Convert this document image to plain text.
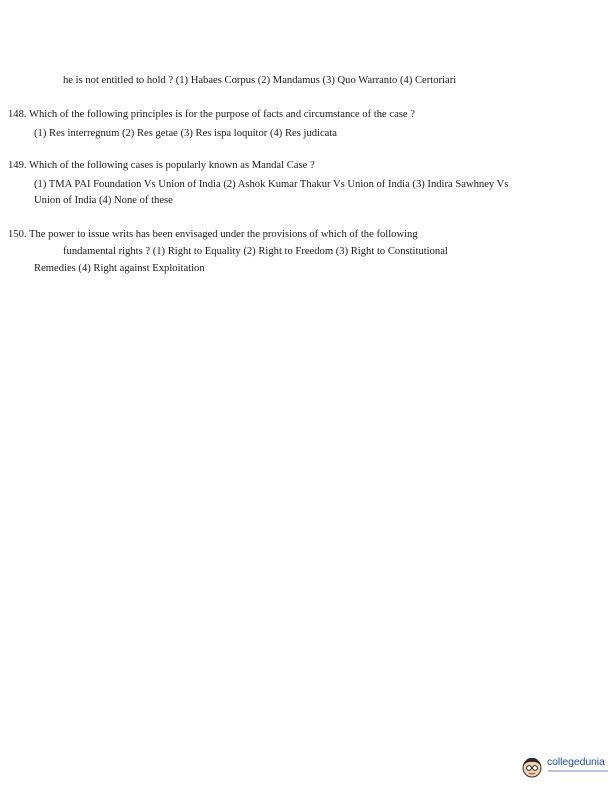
he is not entitled to hold ? (1) Habaes Corpus (2) Mandamus (3) Quo Warranto (4) Certoriari
148. Which of the following principles is for the purpose of facts and circumstance of the case ?
(1) Res interregnum (2) Res getae (3) Res ispa loquitor (4) Res judicata
149. Which of the following cases is popularly known as Mandal Case ?
(1) TMA PAI Foundation Vs Union of India (2) Ashok Kumar Thakur Vs Union of India (3) Indira Sawhney Vs
Union of India (4) None of these
150. The power to issue writs has been envisaged under the provisions of which of the following
fundamental rights ? (1) Right to Equality (2) Right to Freedom (3) Right to Constitutional
Remedies (4) Right against Exploitation
collegedunia
